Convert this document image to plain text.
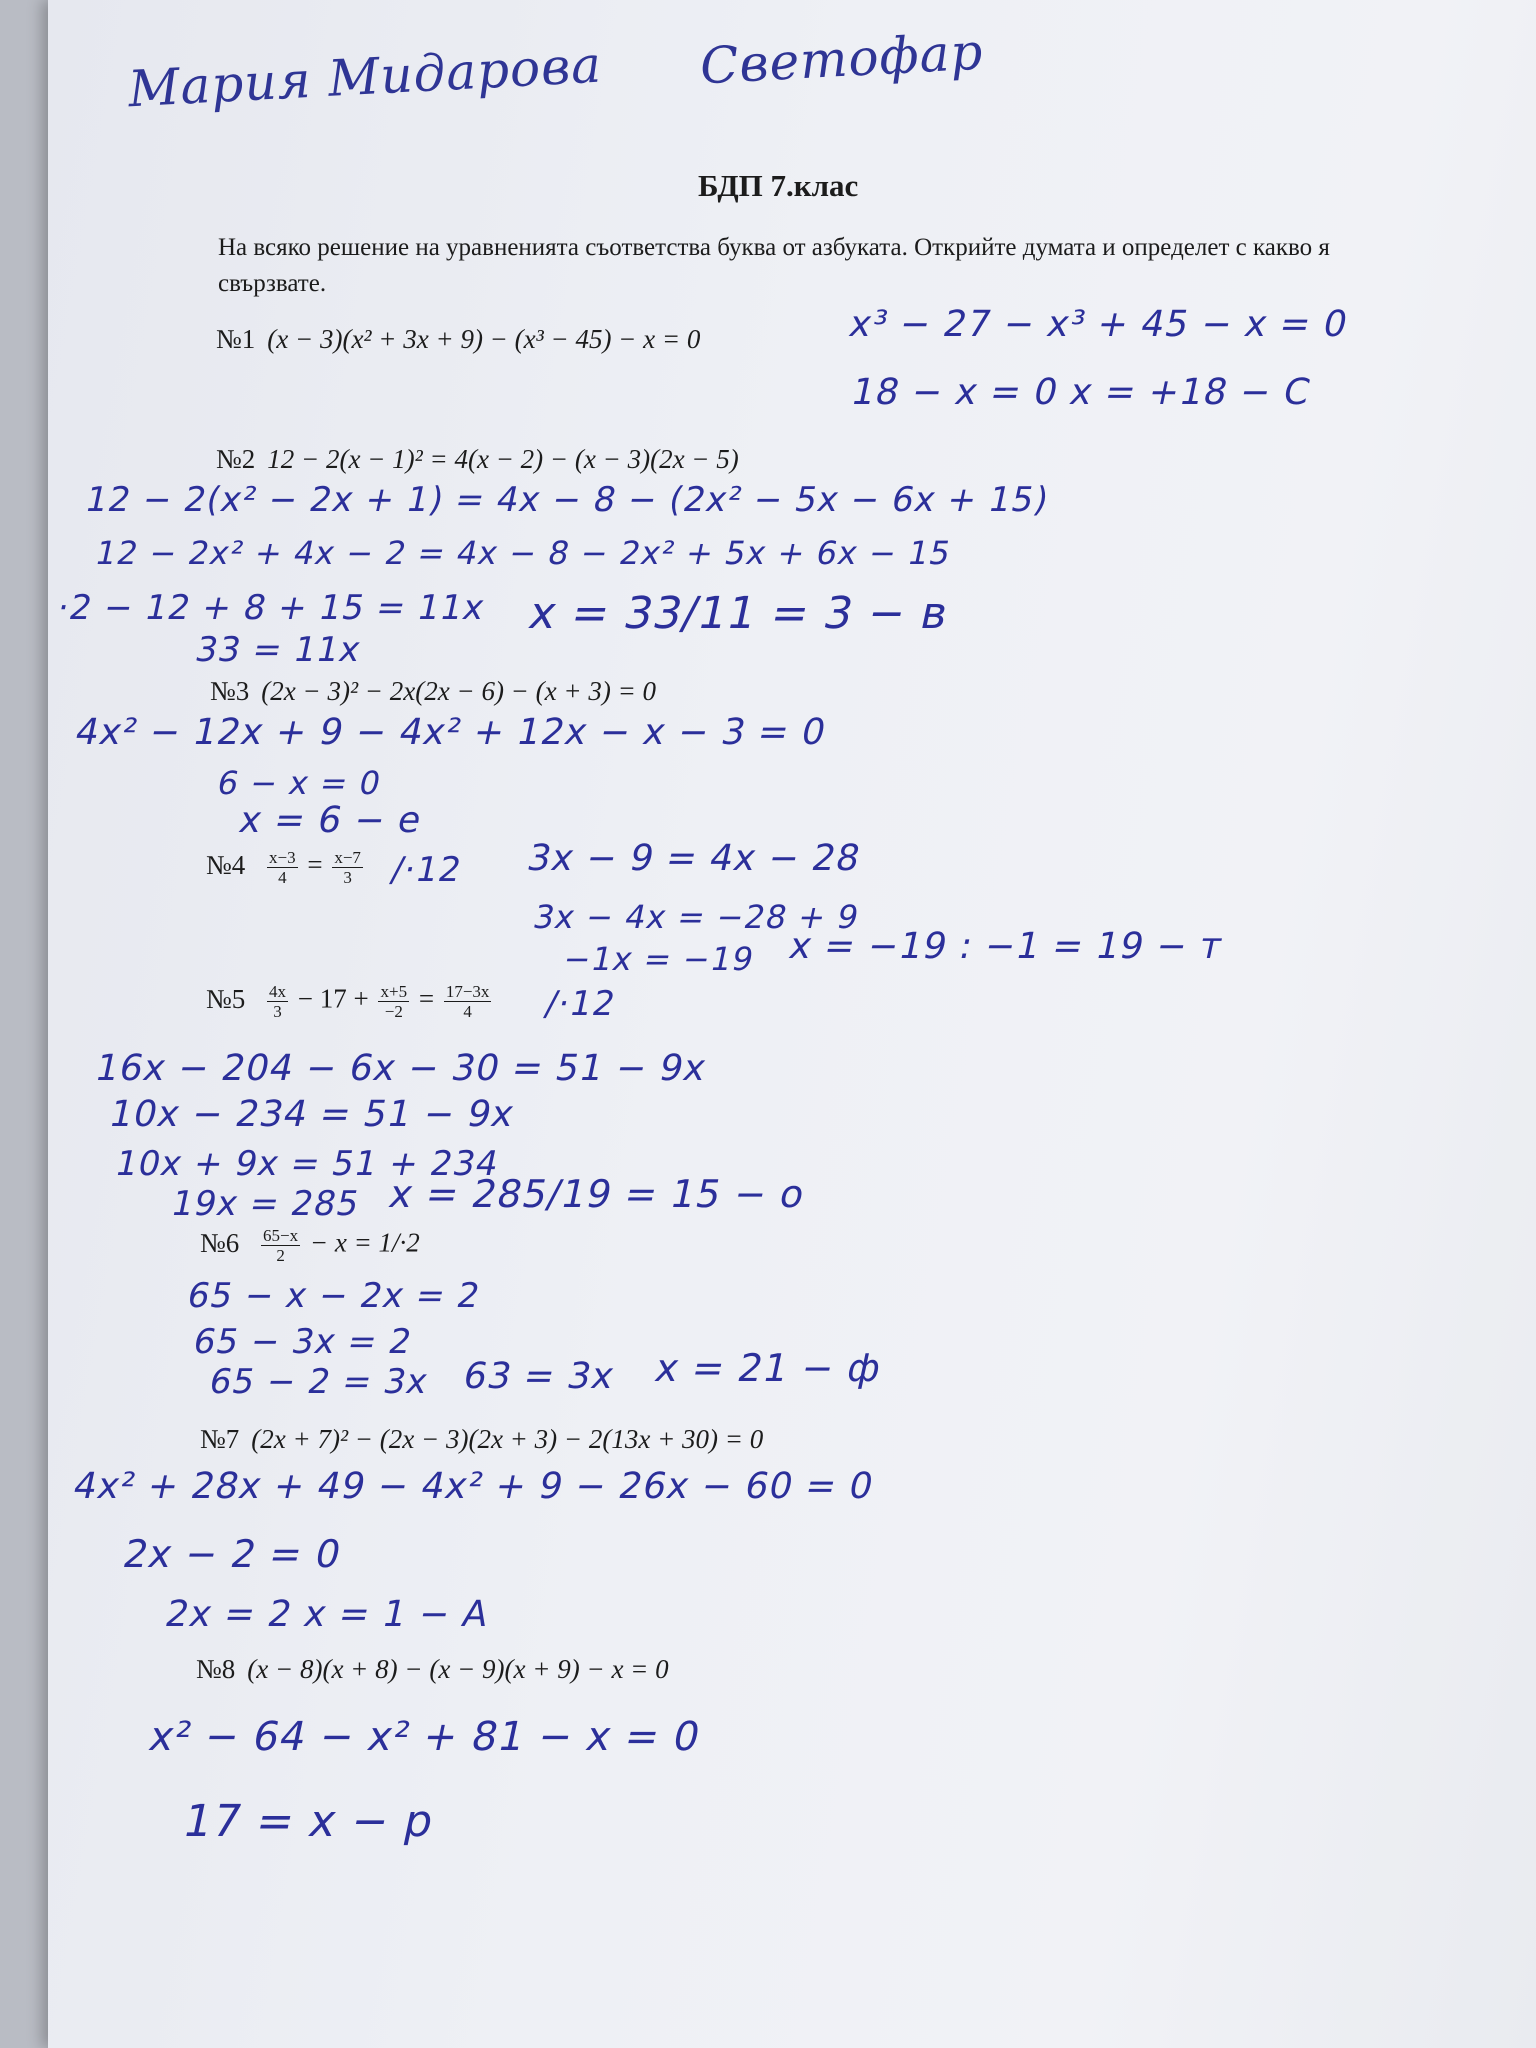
Мария Мидарова Светофар
БДП 7.клас
На всяко решение на уравненията съответства буква от азбуката. Открийте думата и определет с какво я свързвате.
№1 (x − 3)(x² + 3x + 9) − (x³ − 45) − x = 0	x³ − 27 − x³ + 45 − x = 0
18 − x = 0 x = +18 − С
№2 12 − 2(x − 1)² = 4(x − 2) − (x − 3)(2x − 5)
12 − 2(x² − 2x + 1) = 4x − 8 − (2x² − 5x − 6x + 15)
12 − 2x² + 4x − 2 = 4x − 8 − 2x² + 5x + 6x − 15
·2 − 12 + 8 + 15 = 11x
33 = 11x
x = 33/11 = 3 − в
№3 (2x − 3)² − 2x(2x − 6) − (x + 3) = 0
4x² − 12x + 9 − 4x² + 12x − x − 3 = 0
6 − x = 0
x = 6 − е
№4 $\frac{x-3}{4} = \frac{x-7}{3} /\cdot 12$ 3x − 9 = 4x − 28
3x − 4x = −28 + 9
−1x = −19 x = −19 : −1 = 19 − т
№5 $\frac{4x}{3} - 17 + \frac{x+5}{-2} = \frac{17-3x}{4} /\cdot 12$
16x − 204 − 6x − 30 = 51 − 9x
10x − 234 = 51 − 9x
10x + 9x = 51 + 234
19x = 285 x = 285/19 = 15 − о
№6 $\frac{65-x}{2} - x = 1/\cdot 2$
65 − x − 2x = 2
65 − 3x = 2
65 − 2 = 3x 63 = 3x x = 21 − ф
№7 (2x + 7)² − (2x − 3)(2x + 3) − 2(13x + 30) = 0
4x² + 28x + 49 − 4x² + 9 − 26x − 60 = 0
2x − 2 = 0
2x = 2 x = 1 − А
№8 (x − 8)(x + 8) − (x − 9)(x + 9) − x = 0
x² − 64 − x² + 81 − x = 0
17 = x − р
